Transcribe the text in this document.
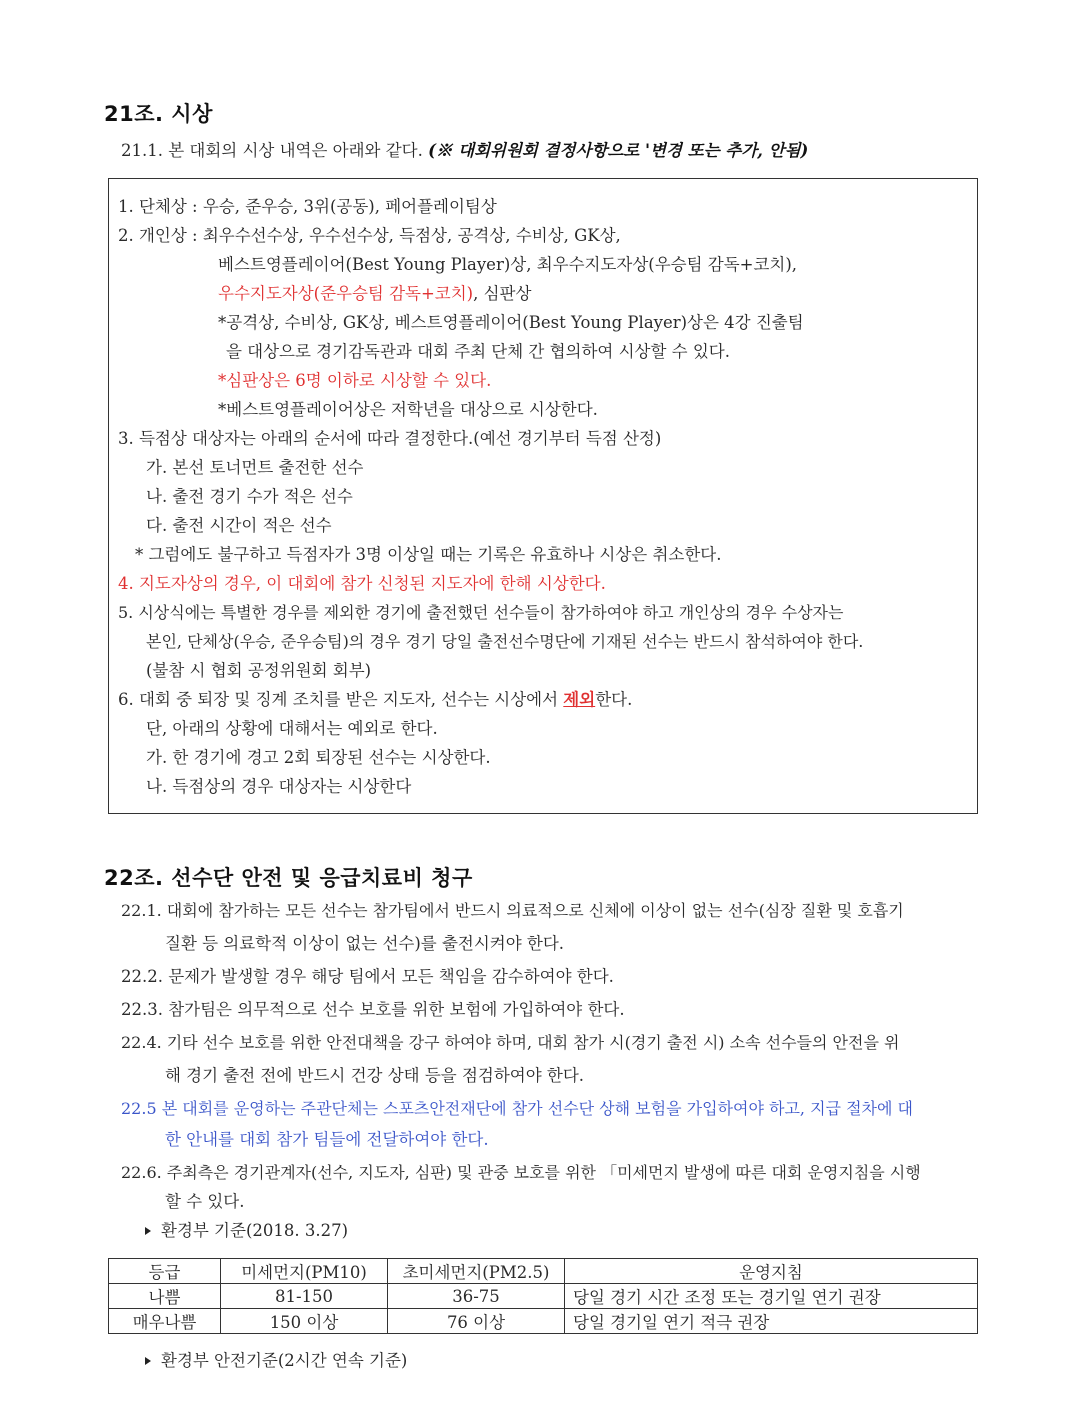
21조. 시상
21.1. 본 대회의 시상 내역은 아래와 같다. (※ 대회위원회 결정사항으로 '변경 또는 추가, 안됨)
1. 단체상 : 우승, 준우승, 3위(공동), 페어플레이팀상
2. 개인상 : 최우수선수상, 우수선수상, 득점상, 공격상, 수비상, GK상,
베스트영플레이어(Best Young Player)상, 최우수지도자상(우승팀 감독+코치),
우수지도자상(준우승팀 감독+코치), 심판상
*공격상, 수비상, GK상, 베스트영플레이어(Best Young Player)상은 4강 진출팀
을 대상으로 경기감독관과 대회 주최 단체 간 협의하여 시상할 수 있다.
*심판상은 6명 이하로 시상할 수 있다.
*베스트영플레이어상은 저학년을 대상으로 시상한다.
3. 득점상 대상자는 아래의 순서에 따라 결정한다.(예선 경기부터 득점 산정)
가. 본선 토너먼트 출전한 선수
나. 출전 경기 수가 적은 선수
다. 출전 시간이 적은 선수
* 그럼에도 불구하고 득점자가 3명 이상일 때는 기록은 유효하나 시상은 취소한다.
4. 지도자상의 경우, 이 대회에 참가 신청된 지도자에 한해 시상한다.
5. 시상식에는 특별한 경우를 제외한 경기에 출전했던 선수들이 참가하여야 하고 개인상의 경우 수상자는
본인, 단체상(우승, 준우승팀)의 경우 경기 당일 출전선수명단에 기재된 선수는 반드시 참석하여야 한다.
(불참 시 협회 공정위원회 회부)
6. 대회 중 퇴장 및 징계 조치를 받은 지도자, 선수는 시상에서 제외한다.
단, 아래의 상황에 대해서는 예외로 한다.
가. 한 경기에 경고 2회 퇴장된 선수는 시상한다.
나. 득점상의 경우 대상자는 시상한다
22조. 선수단 안전 및 응급치료비 청구
22.1. 대회에 참가하는 모든 선수는 참가팀에서 반드시 의료적으로 신체에 이상이 없는 선수(심장 질환 및 호흡기
질환 등 의료학적 이상이 없는 선수)를 출전시켜야 한다.
22.2. 문제가 발생할 경우 해당 팀에서 모든 책임을 감수하여야 한다.
22.3. 참가팀은 의무적으로 선수 보호를 위한 보험에 가입하여야 한다.
22.4. 기타 선수 보호를 위한 안전대책을 강구 하여야 하며, 대회 참가 시(경기 출전 시) 소속 선수들의 안전을 위
해 경기 출전 전에 반드시 건강 상태 등을 점검하여야 한다.
22.5 본 대회를 운영하는 주관단체는 스포츠안전재단에 참가 선수단 상해 보험을 가입하여야 하고, 지급 절차에 대
한 안내를 대회 참가 팀들에 전달하여야 한다.
22.6. 주최측은 경기관계자(선수, 지도자, 심판) 및 관중 보호를 위한 「미세먼지 발생에 따른 대회 운영지침을 시행
할 수 있다.
환경부 기준(2018. 3.27)
등급	미세먼지(PM10)	초미세먼지(PM2.5)	운영지침
나쁨	81-150	36-75	당일 경기 시간 조정 또는 경기일 연기 권장
매우나쁨	150 이상	76 이상	당일 경기일 연기 적극 권장
환경부 안전기준(2시간 연속 기준)
